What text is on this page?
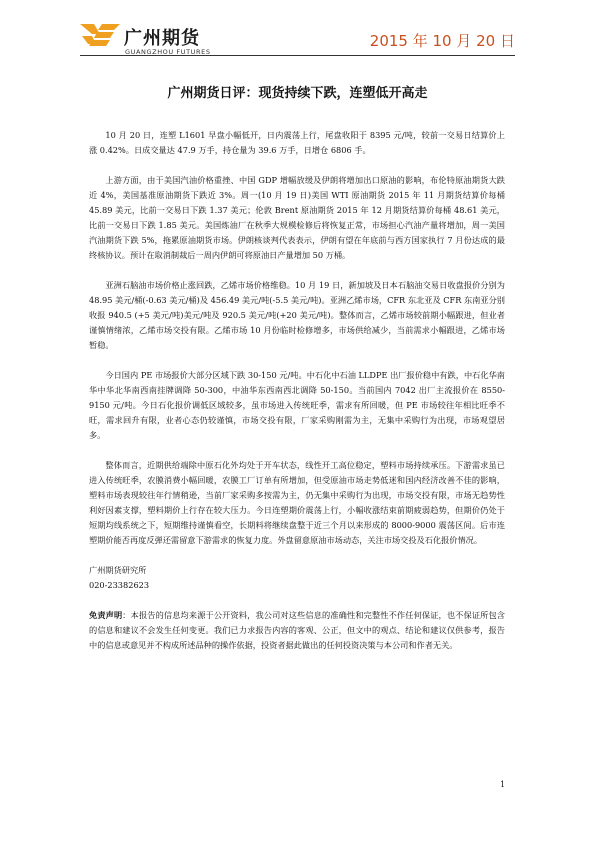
广州期货
GUANGZHOU FUTURES
2015 年 10 月 20 日
广州期货日评：现货持续下跌，连塑低开高走

10 月 20 日，连塑 L1601 早盘小幅低开，日内震荡上行，尾盘收阳于 8395 元/吨，较前一交易日结算价上涨 0.42%。日成交量达 47.9 万手，持仓量为 39.6 万手，日增仓 6806 手。

上游方面，由于美国汽油价格重挫、中国 GDP 增幅放缓及伊朗将增加出口原油的影响，布伦特原油期货大跌近 4%，美国基准原油期货下跌近 3%。周一(10 月 19 日)美国 WTI 原油期货 2015 年 11 月期货结算价每桶 45.89 美元，比前一交易日下跌 1.37 美元；伦敦 Brent 原油期货 2015 年 12 月期货结算价每桶 48.61 美元，比前一交易日下跌 1.85 美元。美国炼油厂在秋季大规模检修后将恢复正常，市场担心汽油产量将增加，周一美国汽油期货下跌 5%，拖累原油期货市场。伊朗核谈判代表表示，伊朗有望在年底前与西方国家执行 7 月份达成的最终核协议。预计在取消制裁后一周内伊朗可将原油日产量增加 50 万桶。

亚洲石脑油市场价格止涨回跌，乙烯市场价格维稳。10 月 19 日，新加坡及日本石脑油交易日收盘报价分别为 48.95 美元/桶(-0.63 美元/桶)及 456.49 美元/吨(-5.5 美元/吨)。亚洲乙烯市场，CFR 东北亚及 CFR 东南亚分别收报 940.5 (+5 美元/吨)美元/吨及 920.5 美元/吨(+20 美元/吨)。整体而言，乙烯市场较前期小幅跟进，但业者谨慎情绪浓，乙烯市场交投有限。乙烯市场 10 月份临时检修增多，市场供给减少，当前需求小幅跟进，乙烯市场暂稳。

今日国内 PE 市场报价大部分区域下跌 30-150 元/吨。中石化中石油 LLDPE 出厂报价稳中有跌，中石化华南华中华北华南西南挂牌调降 50-300，中油华东西南西北调降 50-150。当前国内 7042 出厂主流报价在 8550-9150 元/吨。今日石化报价调低区域较多，虽市场进入传统旺季，需求有所回暖，但 PE 市场较往年相比旺季不旺，需求回升有限，业者心态仍较谨慎，市场交投有限，厂家采购刚需为主，无集中采购行为出现，市场观望居多。

整体而言，近期供给端除中原石化外均处于开车状态，线性开工高位稳定，塑料市场持续承压。下游需求虽已进入传统旺季，农膜消费小幅回暖，农膜工厂订单有所增加，但受原油市场走势低迷和国内经济改善不佳的影响，塑料市场表现较往年行情稍逊，当前厂家采购多按需为主，仍无集中采购行为出现，市场交投有限，市场无趋势性利好因素支撑，塑料期价上行存在较大压力。今日连塑期价震荡上行，小幅收涨结束前期疲弱趋势，但期价仍处于短期均线系统之下，短期维持谨慎看空，长期料将继续盘整于近三个月以来形成的 8000-9000 震荡区间。后市连塑期价能否再度反弹还需留意下游需求的恢复力度。外盘留意原油市场动态，关注市场交投及石化报价情况。

广州期货研究所
020-23382623
免责声明：本报告的信息均来源于公开资料，我公司对这些信息的准确性和完整性不作任何保证，也不保证所包含的信息和建议不会发生任何变更。我们已力求报告内容的客观、公正，但文中的观点、结论和建议仅供参考，报告中的信息或意见并不构成所述品种的操作依据，投资者据此做出的任何投资决策与本公司和作者无关。
1
